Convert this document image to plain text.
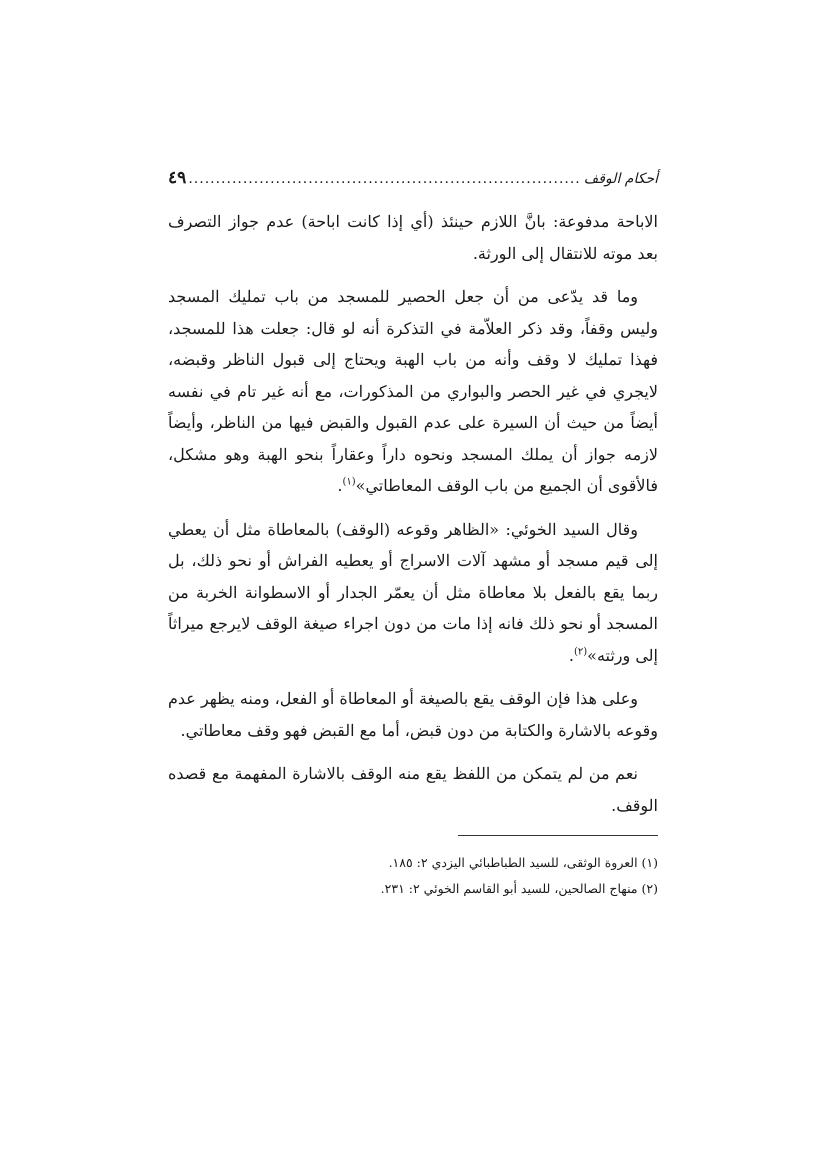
أحكام الوقف
.....
٤٩

الاباحة مدفوعة: بانَّ اللازم حينئذ (أي إذا كانت اباحة) عدم جواز التصرف بعد موته للانتقال إلى الورثة.

وما قد يدّعى من أن جعل الحصير للمسجد من باب تمليك المسجد وليس وقفاً، وقد ذكر العلاّمة في التذكرة أنه لو قال: جعلت هذا للمسجد، فهذا تمليك لا وقف وأنه من باب الهبة ويحتاج إلى قبول الناظر وقبضه، لايجري في غير الحصر والبواري من المذكورات، مع أنه غير تام في نفسه أيضاً من حيث أن السيرة على عدم القبول والقبض فيها من الناظر، وأيضاً لازمه جواز أن يملك المسجد ونحوه داراً وعقاراً بنحو الهبة وهو مشكل، فالأقوى أن الجميع من باب الوقف المعاطاتي»$^{(١)}$.

وقال السيد الخوئي: «الظاهر وقوعه (الوقف) بالمعاطاة مثل أن يعطي إلى قيم مسجد أو مشهد آلات الاسراج أو يعطيه الفراش أو نحو ذلك، بل ربما يقع بالفعل بلا معاطاة مثل أن يعمّر الجدار أو الاسطوانة الخربة من المسجد أو نحو ذلك فانه إذا مات من دون اجراء صيغة الوقف لايرجع ميراثاً إلى ورثته»$^{(٢)}$.

وعلى هذا فإن الوقف يقع بالصيغة أو المعاطاة أو الفعل، ومنه يظهر عدم وقوعه بالاشارة والكتابة من دون قبض، أما مع القبض فهو وقف معاطاتي.

نعم من لم يتمكن من اللفظ يقع منه الوقف بالاشارة المفهمة مع قصده الوقف.

(١) العروة الوثقى، للسيد الطباطبائي اليزدي ٢: ١٨٥.

(٢) منهاج الصالحين، للسيد أبو القاسم الخوئي ٢: ٢٣١.
